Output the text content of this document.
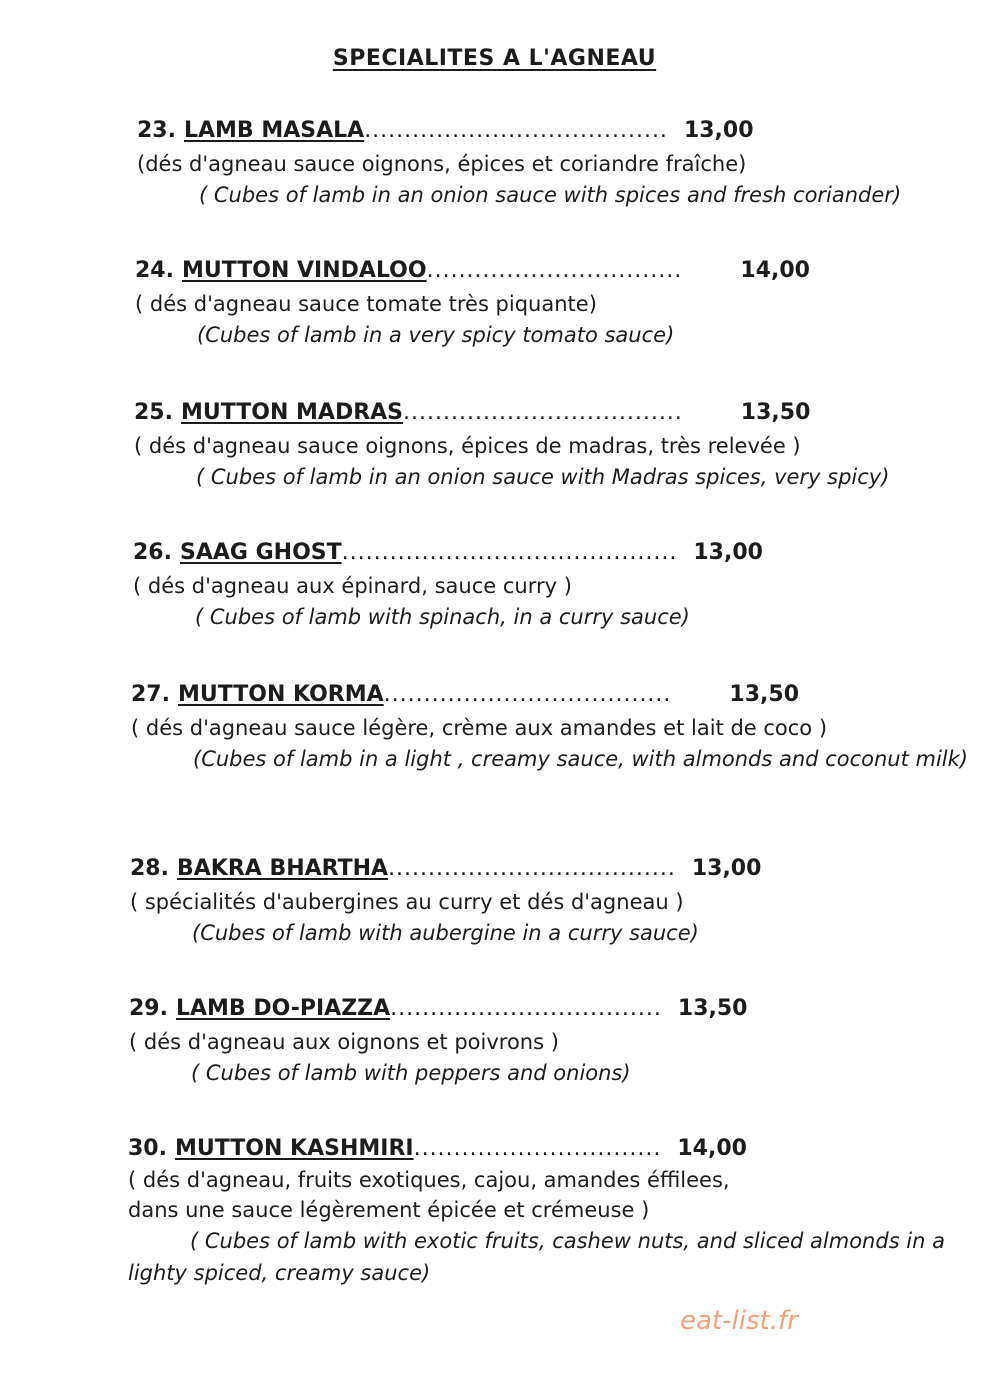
SPECIALITES A L'AGNEAU
23. LAMB MASALA ...................................... 13,00
(dés d'agneau sauce oignons, épices et coriandre fraîche)
( Cubes of lamb in an onion sauce with spices and fresh coriander)
24. MUTTON VINDALOO ................................	14,00
( dés d'agneau sauce tomate très piquante)
(Cubes of lamb in a very spicy tomato sauce)
25. MUTTON MADRAS ...................................	13,50
( dés d'agneau sauce oignons, épices de madras, très relevée )
( Cubes of lamb in an onion sauce with Madras spices, very spicy)
26. SAAG GHOST .......................................... 13,00
( dés d'agneau aux épinard, sauce curry )
( Cubes of lamb with spinach, in a curry sauce)
27. MUTTON KORMA ....................................	13,50
( dés d'agneau sauce légère, crème aux amandes et lait de coco )
(Cubes of lamb in a light , creamy sauce, with almonds and coconut milk)
28. BAKRA BHARTHA .................................... 13,00
( spécialités d'aubergines au curry et dés d'agneau )
(Cubes of lamb with aubergine in a curry sauce)
29. LAMB DO-PIAZZA .................................. 13,50
( dés d'agneau aux oignons et poivrons )
( Cubes of lamb with peppers and onions)
30. MUTTON KASHMIRI ............................... 14,00
( dés d'agneau, fruits exotiques, cajou, amandes éffilees,
dans une sauce légèrement épicée et crémeuse )
( Cubes of lamb with exotic fruits, cashew nuts, and sliced almonds in a lighty spiced, creamy sauce)
eat-list.fr
